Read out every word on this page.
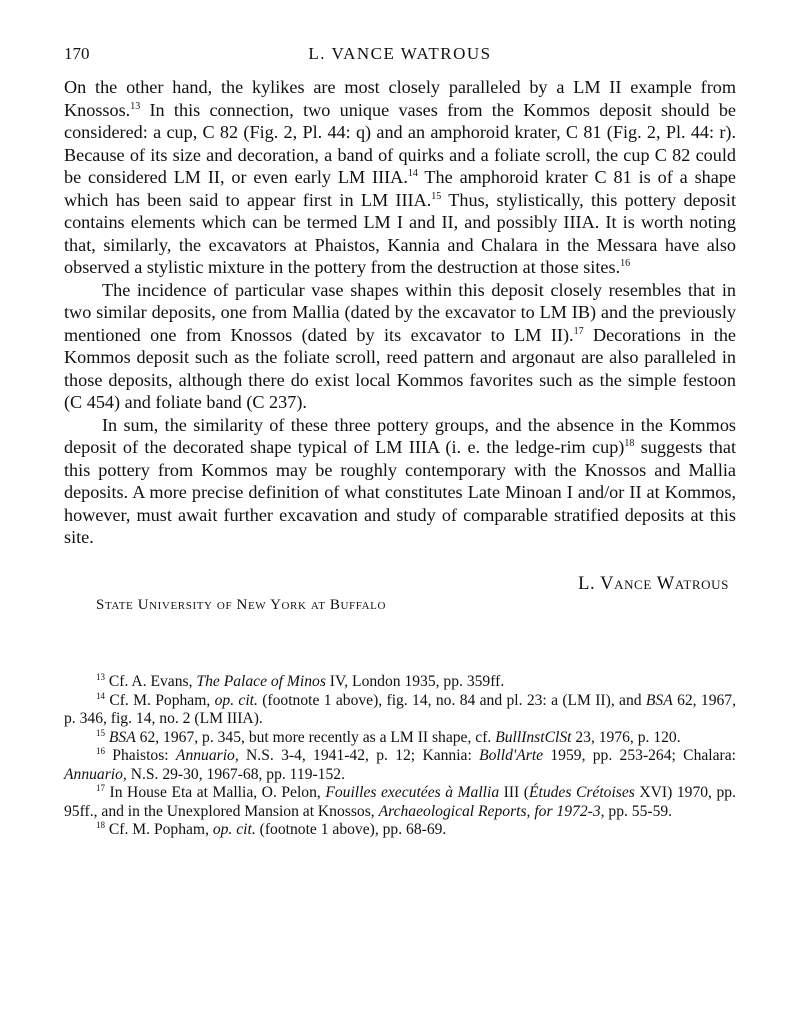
170	L. VANCE WATROUS

On the other hand, the kylikes are most closely paralleled by a LM II example from Knossos.$^{13}$ In this connection, two unique vases from the Kommos deposit should be considered: a cup, C 82 (Fig. 2, Pl. 44: q) and an amphoroid krater, C 81 (Fig. 2, Pl. 44: r). Because of its size and decoration, a band of quirks and a foliate scroll, the cup C 82 could be considered LM II, or even early LM IIIA.$^{14}$ The amphoroid krater C 81 is of a shape which has been said to appear first in LM IIIA.$^{15}$ Thus, stylistically, this pottery deposit contains elements which can be termed LM I and II, and possibly IIIA. It is worth noting that, similarly, the excavators at Phaistos, Kannia and Chalara in the Messara have also observed a stylistic mixture in the pottery from the destruction at those sites.$^{16}$

The incidence of particular vase shapes within this deposit closely resembles that in two similar deposits, one from Mallia (dated by the excavator to LM IB) and the previously mentioned one from Knossos (dated by its excavator to LM II).$^{17}$ Decorations in the Kommos deposit such as the foliate scroll, reed pattern and argonaut are also paralleled in those deposits, although there do exist local Kommos favorites such as the simple festoon (C 454) and foliate band (C 237).

In sum, the similarity of these three pottery groups, and the absence in the Kommos deposit of the decorated shape typical of LM IIIA (i. e. the ledge-rim cup)$^{18}$ suggests that this pottery from Kommos may be roughly contemporary with the Knossos and Mallia deposits. A more precise definition of what constitutes Late Minoan I and/or II at Kommos, however, must await further excavation and study of comparable stratified deposits at this site.

L. Vance Watrous
State University of New York at Buffalo

$^{13}$ Cf. A. Evans, The Palace of Minos IV, London 1935, pp. 359ff.

$^{14}$ Cf. M. Popham, op. cit. (footnote 1 above), fig. 14, no. 84 and pl. 23: a (LM II), and BSA 62, 1967, p. 346, fig. 14, no. 2 (LM IIIA).

$^{15}$ BSA 62, 1967, p. 345, but more recently as a LM II shape, cf. BullInstClSt 23, 1976, p. 120.

$^{16}$ Phaistos: Annuario, N.S. 3-4, 1941-42, p. 12; Kannia: Bolld'Arte 1959, pp. 253-264; Chalara: Annuario, N.S. 29-30, 1967-68, pp. 119-152.

$^{17}$ In House Eta at Mallia, O. Pelon, Fouilles executées à Mallia III (Études Crétoises XVI) 1970, pp. 95ff., and in the Unexplored Mansion at Knossos, Archaeological Reports, for 1972-3, pp. 55-59.

$^{18}$ Cf. M. Popham, op. cit. (footnote 1 above), pp. 68-69.
